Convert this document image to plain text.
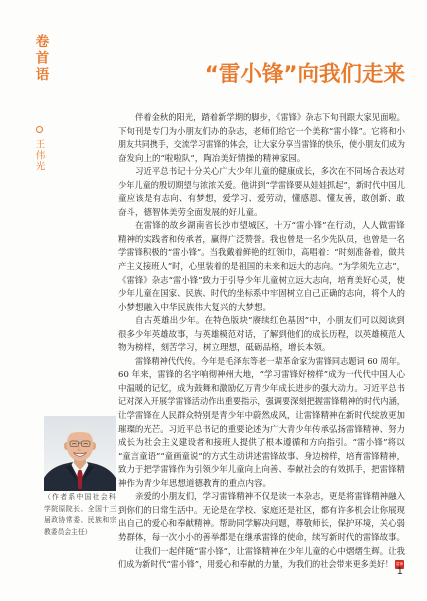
卷首语
王伟光
“雷小锋”向我们走来
伴着金秋的阳光，踏着新学期的脚步，《雷锋》杂志下旬刊跟大家见面啦。
下旬刊是专门为小朋友们办的杂志，老师们给它一个美称“雷小锋”。它将和小
朋友共同携手，交流学习雷锋的体会，让大家分享当雷锋的快乐，使小朋友们成为
奋发向上的“啦啦队”，陶冶美好情操的精神家园。
习近平总书记十分关心广大少年儿童的健康成长，多次在不同场合表达对
少年儿童的殷切期望与浓浓关爱。他讲到“学雷锋要从娃娃抓起”，新时代中国儿
童应该是有志向、有梦想，爱学习、爱劳动，懂感恩、懂友善，敢创新、敢
奋斗，德智体美劳全面发展的好儿童。
在雷锋的故乡湖南省长沙市望城区，十万“雷小锋”在行动，人人做雷锋
精神的实践者和传承者，赢得广泛赞誉。我也曾是一名少先队员，也曾是一名
学雷锋积极的“雷小锋”。当我戴着鲜艳的红领巾，高唱着：“时刻准备着，做共
产主义接班人”时，心里装着的是祖国的未来和远大的志向。“为学须先立志”，
《雷锋》杂志“雷小锋”致力于引导少年儿童树立远大志向，培育美好心灵，使
少年儿童在国家、民族、时代的坐标系中牢固树立自己正确的志向，将个人的
小梦想融入中华民族伟大复兴的大梦想。
自古英雄出少年。在特色版块“赓续红色基因”中，小朋友们可以阅读到
很多少年英雄故事，与英雄模范对话，了解到他们的成长历程，以英雄模范人
物为榜样，刻苦学习，树立理想，砥砺品格，增长本领。
雷锋精神代代传。今年是毛泽东等老一辈革命家为雷锋同志题词 60 周年。
60 年来，雷锋的名字响彻神州大地，“学习雷锋好榜样”成为一代代中国人心
中温暖的记忆，成为鼓舞和激励亿万青少年成长进步的强大动力。习近平总书
记对深入开展学雷锋活动作出重要指示，强调要深刻把握雷锋精神的时代内涵，
让学雷锋在人民群众特别是青少年中蔚然成风，让雷锋精神在新时代绽放更加
璀璨的光芒。习近平总书记的重要论述为广大青少年传承弘扬雷锋精神、努力
成长为社会主义建设者和接班人提供了根本遵循和方向指引。“雷小锋”将以
“童言童语”“童画童说”的方式生动讲述雷锋故事、身边榜样，培育雷锋精神，
致力于把学雷锋作为引领少年儿童向上向善、奉献社会的有效抓手，把雷锋精
神作为青少年思想道德教育的重点内容。
亲爱的小朋友们，学习雷锋精神不仅是读一本杂志，更是将雷锋精神融入
到你们的日常生活中。无论是在学校、家庭还是社区，都有许多机会让你展现
出自己的爱心和奉献精神。帮助同学解决问题，尊敬师长，保护环境，关心弱
势群体，每一次小小的善举都是在继承雷锋的使命，续写新时代的雷锋故事。
让我们一起伴随“雷小锋”，让雷锋精神在少年儿童的心中熠熠生辉。让我
们成为新时代“雷小锋”，用爱心和奉献的力量，为我们的社会带来更多美好！ 雷锋
（作者系中国社会科
学院原院长、全国十三
届政协常委、民族和宗
教委员会主任）
1
